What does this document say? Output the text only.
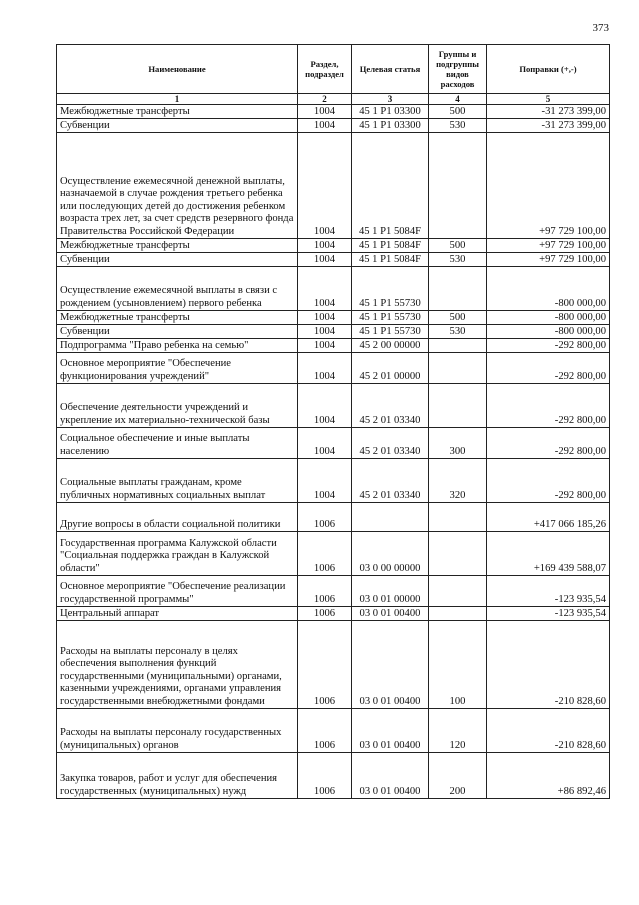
373
Наименование	Раздел, подраздел	Целевая статья	Группы и подгруппы видов расходов	Поправки (+,-)
1	2	3	4	5
Межбюджетные трансферты	1004	45 1 P1 03300	500	-31 273 399,00
Субвенции	1004	45 1 P1 03300	530	-31 273 399,00
Осуществление ежемесячной денежной выплаты, назначаемой в случае рождения третьего ребенка или последующих детей до достижения ребенком возраста трех лет, за счет средств резервного фонда Правительства Российской Федерации	1004	45 1 P1 5084F		+97 729 100,00
Межбюджетные трансферты	1004	45 1 P1 5084F	500	+97 729 100,00
Субвенции	1004	45 1 P1 5084F	530	+97 729 100,00
Осуществление ежемесячной выплаты в связи с рождением (усыновлением) первого ребенка	1004	45 1 P1 55730		-800 000,00
Межбюджетные трансферты	1004	45 1 P1 55730	500	-800 000,00
Субвенции	1004	45 1 P1 55730	530	-800 000,00
Подпрограмма "Право ребенка на семью"	1004	45 2 00 00000		-292 800,00
Основное мероприятие "Обеспечение функционирования учреждений"	1004	45 2 01 00000		-292 800,00
Обеспечение деятельности учреждений и укрепление их материально-технической базы	1004	45 2 01 03340		-292 800,00
Социальное обеспечение и иные выплаты населению	1004	45 2 01 03340	300	-292 800,00
Социальные выплаты гражданам, кроме публичных нормативных социальных выплат	1004	45 2 01 03340	320	-292 800,00
Другие вопросы в области социальной политики	1006			+417 066 185,26
Государственная программа Калужской области "Социальная поддержка граждан в Калужской области"	1006	03 0 00 00000		+169 439 588,07
Основное мероприятие "Обеспечение реализации государственной программы"	1006	03 0 01 00000		-123 935,54
Центральный аппарат	1006	03 0 01 00400		-123 935,54
Расходы на выплаты персоналу в целях обеспечения выполнения функций государственными (муниципальными) органами, казенными учреждениями, органами управления государственными внебюджетными фондами	1006	03 0 01 00400	100	-210 828,60
Расходы на выплаты персоналу государственных (муниципальных) органов	1006	03 0 01 00400	120	-210 828,60
Закупка товаров, работ и услуг для обеспечения государственных (муниципальных) нужд	1006	03 0 01 00400	200	+86 892,46
